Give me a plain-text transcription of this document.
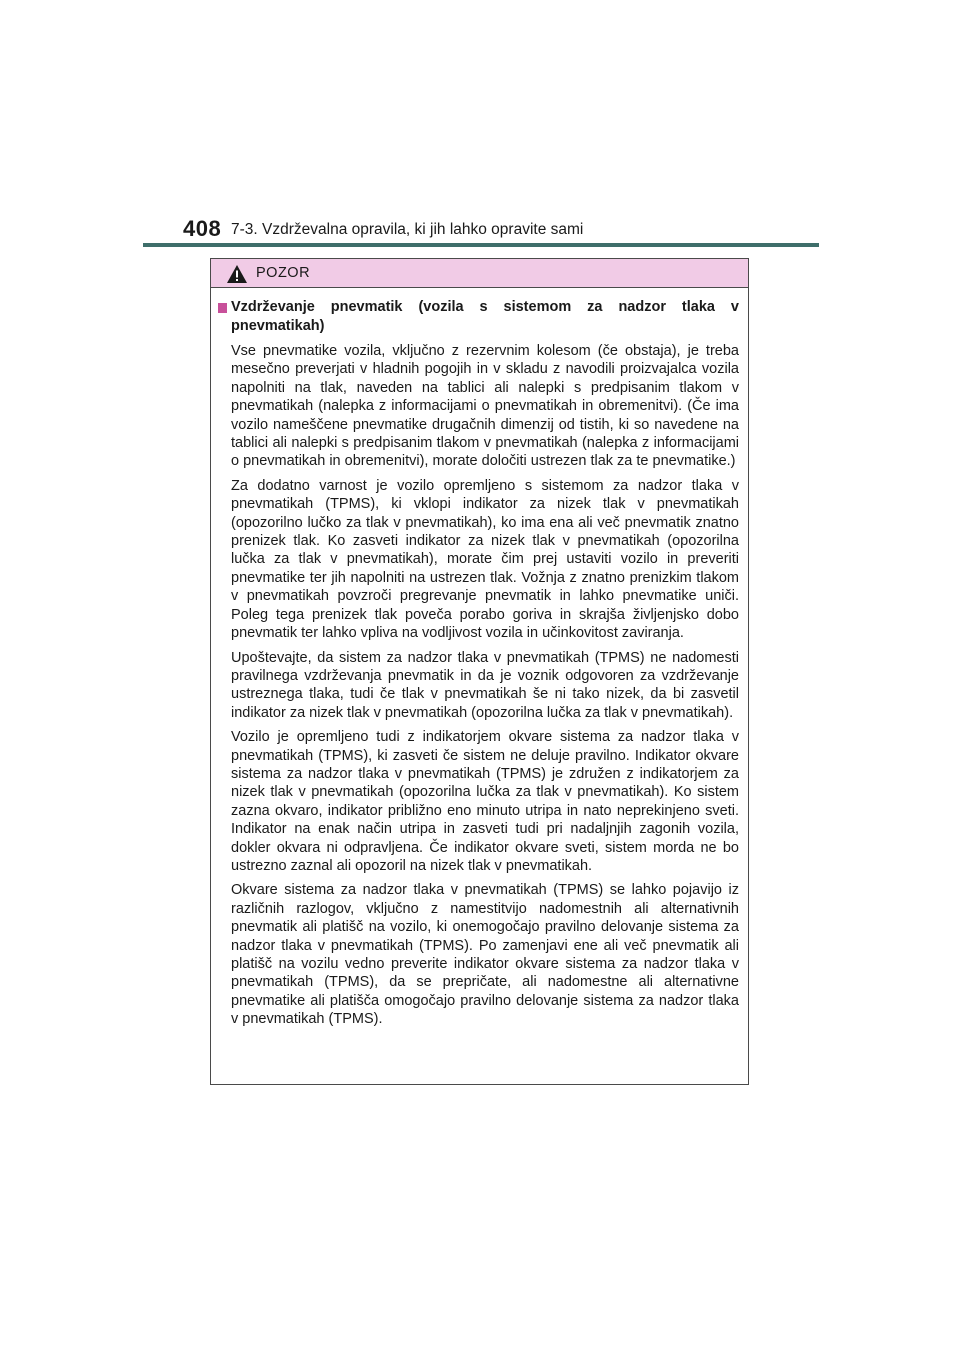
408 7-3. Vzdrževalna opravila, ki jih lahko opravite sami
POZOR
Vzdrževanje pnevmatik (vozila s sistemom za nadzor tlaka v pnevmatikah)

Vse pnevmatike vozila, vključno z rezervnim kolesom (če obstaja), je treba mesečno preverjati v hladnih pogojih in v skladu z navodili proizvajalca vozila napolniti na tlak, naveden na tablici ali nalepki s predpisanim tlakom v pnevmatikah (nalepka z informacijami o pnevmatikah in obremenitvi). (Če ima vozilo nameščene pnevmatike drugačnih dimenzij od tistih, ki so navedene na tablici ali nalepki s predpisanim tlakom v pnevmatikah (nalepka z informacijami o pnevmatikah in obremenitvi), morate določiti ustrezen tlak za te pnevmatike.)

Za dodatno varnost je vozilo opremljeno s sistemom za nadzor tlaka v pnevmatikah (TPMS), ki vklopi indikator za nizek tlak v pnevmatikah (opozorilno lučko za tlak v pnevmatikah), ko ima ena ali več pnevmatik znatno prenizek tlak. Ko zasveti indikator za nizek tlak v pnevmatikah (opozorilna lučka za tlak v pnevmatikah), morate čim prej ustaviti vozilo in preveriti pnevmatike ter jih napolniti na ustrezen tlak. Vožnja z znatno prenizkim tlakom v pnevmatikah povzroči pregrevanje pnevmatik in lahko pnevmatike uniči. Poleg tega prenizek tlak poveča porabo goriva in skrajša življenjsko dobo pnevmatik ter lahko vpliva na vodljivost vozila in učinkovitost zaviranja.

Upoštevajte, da sistem za nadzor tlaka v pnevmatikah (TPMS) ne nadomesti pravilnega vzdrževanja pnevmatik in da je voznik odgovoren za vzdrževanje ustreznega tlaka, tudi če tlak v pnevmatikah še ni tako nizek, da bi zasvetil indikator za nizek tlak v pnevmatikah (opozorilna lučka za tlak v pnevmatikah).

Vozilo je opremljeno tudi z indikatorjem okvare sistema za nadzor tlaka v pnevmatikah (TPMS), ki zasveti če sistem ne deluje pravilno. Indikator okvare sistema za nadzor tlaka v pnevmatikah (TPMS) je združen z indikatorjem za nizek tlak v pnevmatikah (opozorilna lučka za tlak v pnevmatikah). Ko sistem zazna okvaro, indikator približno eno minuto utripa in nato neprekinjeno sveti. Indikator na enak način utripa in zasveti tudi pri nadaljnjih zagonih vozila, dokler okvara ni odpravljena. Če indikator okvare sveti, sistem morda ne bo ustrezno zaznal ali opozoril na nizek tlak v pnevmatikah.

Okvare sistema za nadzor tlaka v pnevmatikah (TPMS) se lahko pojavijo iz različnih razlogov, vključno z namestitvijo nadomestnih ali alternativnih pnevmatik ali platišč na vozilo, ki onemogočajo pravilno delovanje sistema za nadzor tlaka v pnevmatikah (TPMS). Po zamenjavi ene ali več pnevmatik ali platišč na vozilu vedno preverite indikator okvare sistema za nadzor tlaka v pnevmatikah (TPMS), da se prepričate, ali nadomestne ali alternativne pnevmatike ali platišča omogočajo pravilno delovanje sistema za nadzor tlaka v pnevmatikah (TPMS).
